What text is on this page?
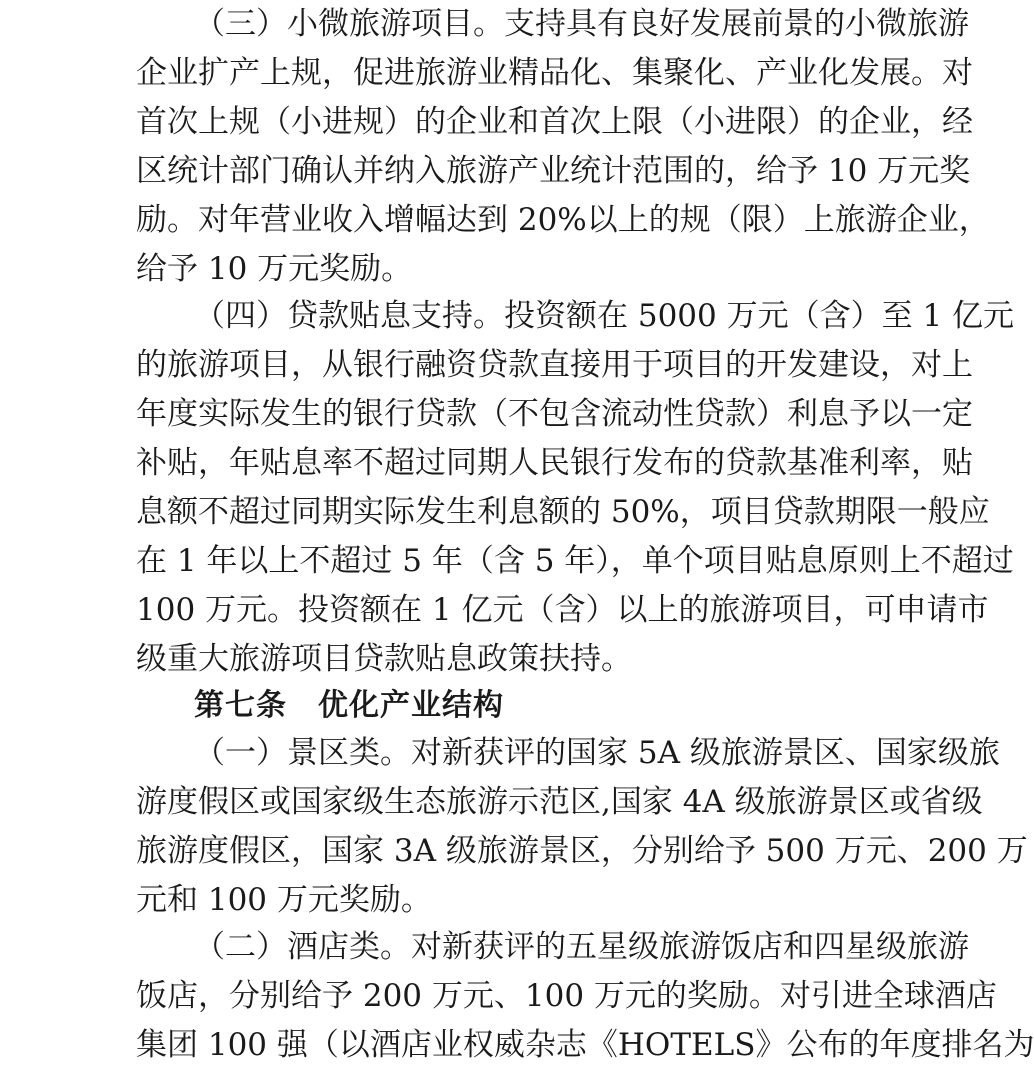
（三）小微旅游项目。支持具有良好发展前景的小微旅游
企业扩产上规，促进旅游业精品化、集聚化、产业化发展。对
首次上规（小进规）的企业和首次上限（小进限）的企业，经
区统计部门确认并纳入旅游产业统计范围的，给予 10 万元奖
励。对年营业收入增幅达到 20%以上的规（限）上旅游企业，
给予 10 万元奖励。
（四）贷款贴息支持。投资额在 5000 万元（含）至 1 亿元
的旅游项目，从银行融资贷款直接用于项目的开发建设，对上
年度实际发生的银行贷款（不包含流动性贷款）利息予以一定
补贴，年贴息率不超过同期人民银行发布的贷款基准利率，贴
息额不超过同期实际发生利息额的 50%，项目贷款期限一般应
在 1 年以上不超过 5 年（含 5 年），单个项目贴息原则上不超过
100 万元。投资额在 1 亿元（含）以上的旅游项目，可申请市
级重大旅游项目贷款贴息政策扶持。
第七条　优化产业结构
（一）景区类。对新获评的国家 5A 级旅游景区、国家级旅
游度假区或国家级生态旅游示范区,国家 4A 级旅游景区或省级
旅游度假区，国家 3A 级旅游景区，分别给予 500 万元、200 万
元和 100 万元奖励。
（二）酒店类。对新获评的五星级旅游饭店和四星级旅游
饭店，分别给予 200 万元、100 万元的奖励。对引进全球酒店
集团 100 强（以酒店业权威杂志《HOTELS》公布的年度排名为
